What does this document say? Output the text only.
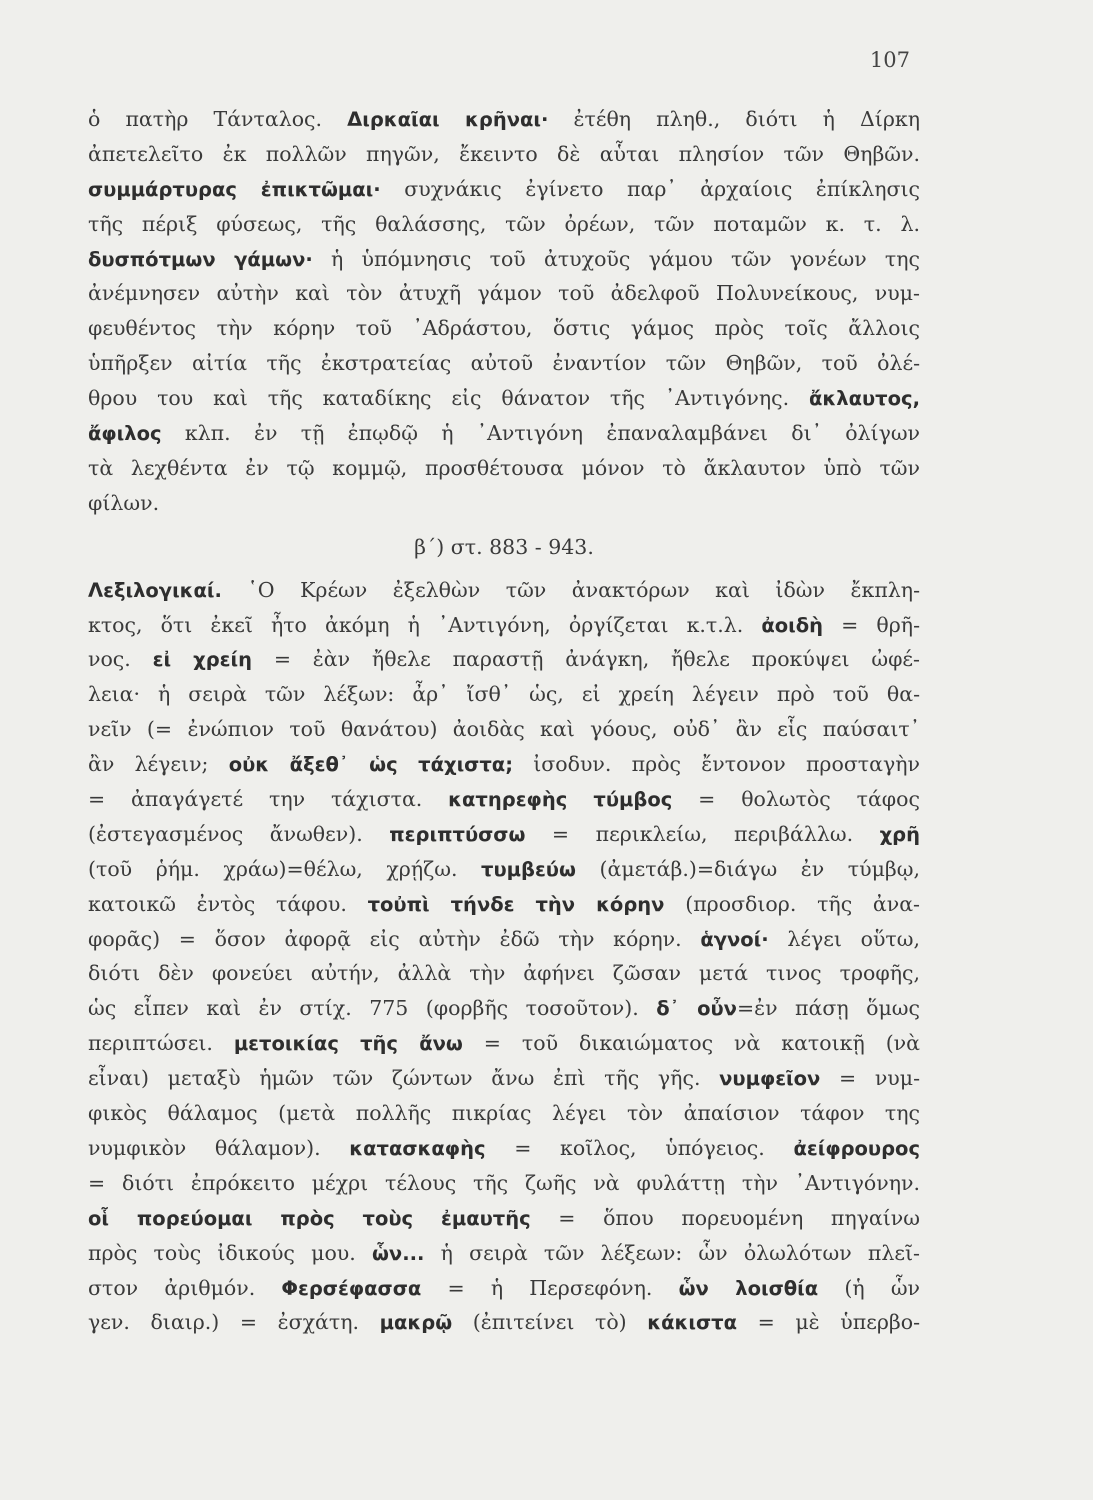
107
ὁ πατὴρ Τάνταλος. Διρκαῖαι κρῆναι· ἐτέθη πληθ., διότι ἡ Δίρκη
ἀπετελεῖτο ἐκ πολλῶν πηγῶν, ἔκειντο δὲ αὗται πλησίον τῶν Θηβῶν.
συμμάρτυρας ἐπικτῶμαι· συχνάκις ἐγίνετο παρ᾽ ἀρχαίοις ἐπίκλησις
τῆς πέριξ φύσεως, τῆς θαλάσσης, τῶν ὀρέων, τῶν ποταμῶν κ. τ. λ.
δυσπότμων γάμων· ἡ ὑπόμνησις τοῦ ἀτυχοῦς γάμου τῶν γονέων της
ἀνέμνησεν αὐτὴν καὶ τὸν ἀτυχῆ γάμον τοῦ ἀδελφοῦ Πολυνείκους, νυμ-
φευθέντος τὴν κόρην τοῦ ᾽Αδράστου, ὅστις γάμος πρὸς τοῖς ἄλλοις
ὑπῆρξεν αἰτία τῆς ἐκστρατείας αὐτοῦ ἐναντίον τῶν Θηβῶν, τοῦ ὀλέ-
θρου του καὶ τῆς καταδίκης εἰς θάνατον τῆς ᾽Αντιγόνης. ἄκλαυτος,
ἄφιλος κλπ. ἐν τῇ ἐπῳδῷ ἡ ᾽Αντιγόνη ἐπαναλαμβάνει δι᾽ ὀλίγων
τὰ λεχθέντα ἐν τῷ κομμῷ, προσθέτουσα μόνον τὸ ἄκλαυτον ὑπὸ τῶν
φίλων.
β΄) στ. 883 - 943.
Λεξιλογικαί. ῾Ο Κρέων ἐξελθὼν τῶν ἀνακτόρων καὶ ἰδὼν ἔκπλη-
κτος, ὅτι ἐκεῖ ἦτο ἀκόμη ἡ ᾽Αντιγόνη, ὀργίζεται κ.τ.λ. ἀοιδὴ = θρῆ-
νος. εἰ χρείη = ἐὰν ἤθελε παραστῇ ἀνάγκη, ἤθελε προκύψει ὠφέ-
λεια· ἡ σειρὰ τῶν λέξων: ἆρ᾽ ἴσθ᾽ ὡς, εἰ χρείη λέγειν πρὸ τοῦ θα-
νεῖν (= ἐνώπιον τοῦ θανάτου) ἀοιδὰς καὶ γόους, οὐδ᾽ ἂν εἷς παύσαιτ᾽
ἂν λέγειν; οὐκ ἄξεθ᾽ ὡς τάχιστα; ἰσοδυν. πρὸς ἔντονον προσταγὴν
= ἀπαγάγετέ την τάχιστα. κατηρεφὴς τύμβος = θολωτὸς τάφος
(ἐστεγασμένος ἄνωθεν). περιπτύσσω = περικλείω, περιβάλλω. χρῆ
(τοῦ ῥήμ. χράω)=θέλω, χρῄζω. τυμβεύω (ἀμετάβ.)=διάγω ἐν τύμβῳ,
κατοικῶ ἐντὸς τάφου. τοὐπὶ τήνδε τὴν κόρην (προσδιορ. τῆς ἀνα-
φορᾶς) = ὅσον ἀφορᾷ εἰς αὐτὴν ἐδῶ τὴν κόρην. ἁγνοί· λέγει οὕτω,
διότι δὲν φονεύει αὐτήν, ἀλλὰ τὴν ἀφήνει ζῶσαν μετά τινος τροφῆς,
ὡς εἶπεν καὶ ἐν στίχ. 775 (φορβῆς τοσοῦτον). δ᾽ οὖν=ἐν πάσῃ ὅμως
περιπτώσει. μετοικίας τῆς ἄνω = τοῦ δικαιώματος νὰ κατοικῇ (νὰ
εἶναι) μεταξὺ ἡμῶν τῶν ζώντων ἄνω ἐπὶ τῆς γῆς. νυμφεῖον = νυμ-
φικὸς θάλαμος (μετὰ πολλῆς πικρίας λέγει τὸν ἀπαίσιον τάφον της
νυμφικὸν θάλαμον). κατασκαφὴς = κοῖλος, ὑπόγειος. ἀείφρουρος
= διότι ἐπρόκειτο μέχρι τέλους τῆς ζωῆς νὰ φυλάττῃ τὴν ᾽Αντιγόνην.
οἷ πορεύομαι πρὸς τοὺς ἐμαυτῆς = ὅπου πορευομένη πηγαίνω
πρὸς τοὺς ἰδικούς μου. ὧν... ἡ σειρὰ τῶν λέξεων: ὧν ὀλωλότων πλεῖ-
στον ἀριθμόν. Φερσέφασσα = ἡ Περσεφόνη. ὧν λοισθία (ἡ ὧν
γεν. διαιρ.) = ἐσχάτη. μακρῷ (ἐπιτείνει τὸ) κάκιστα = μὲ ὑπερβο-
